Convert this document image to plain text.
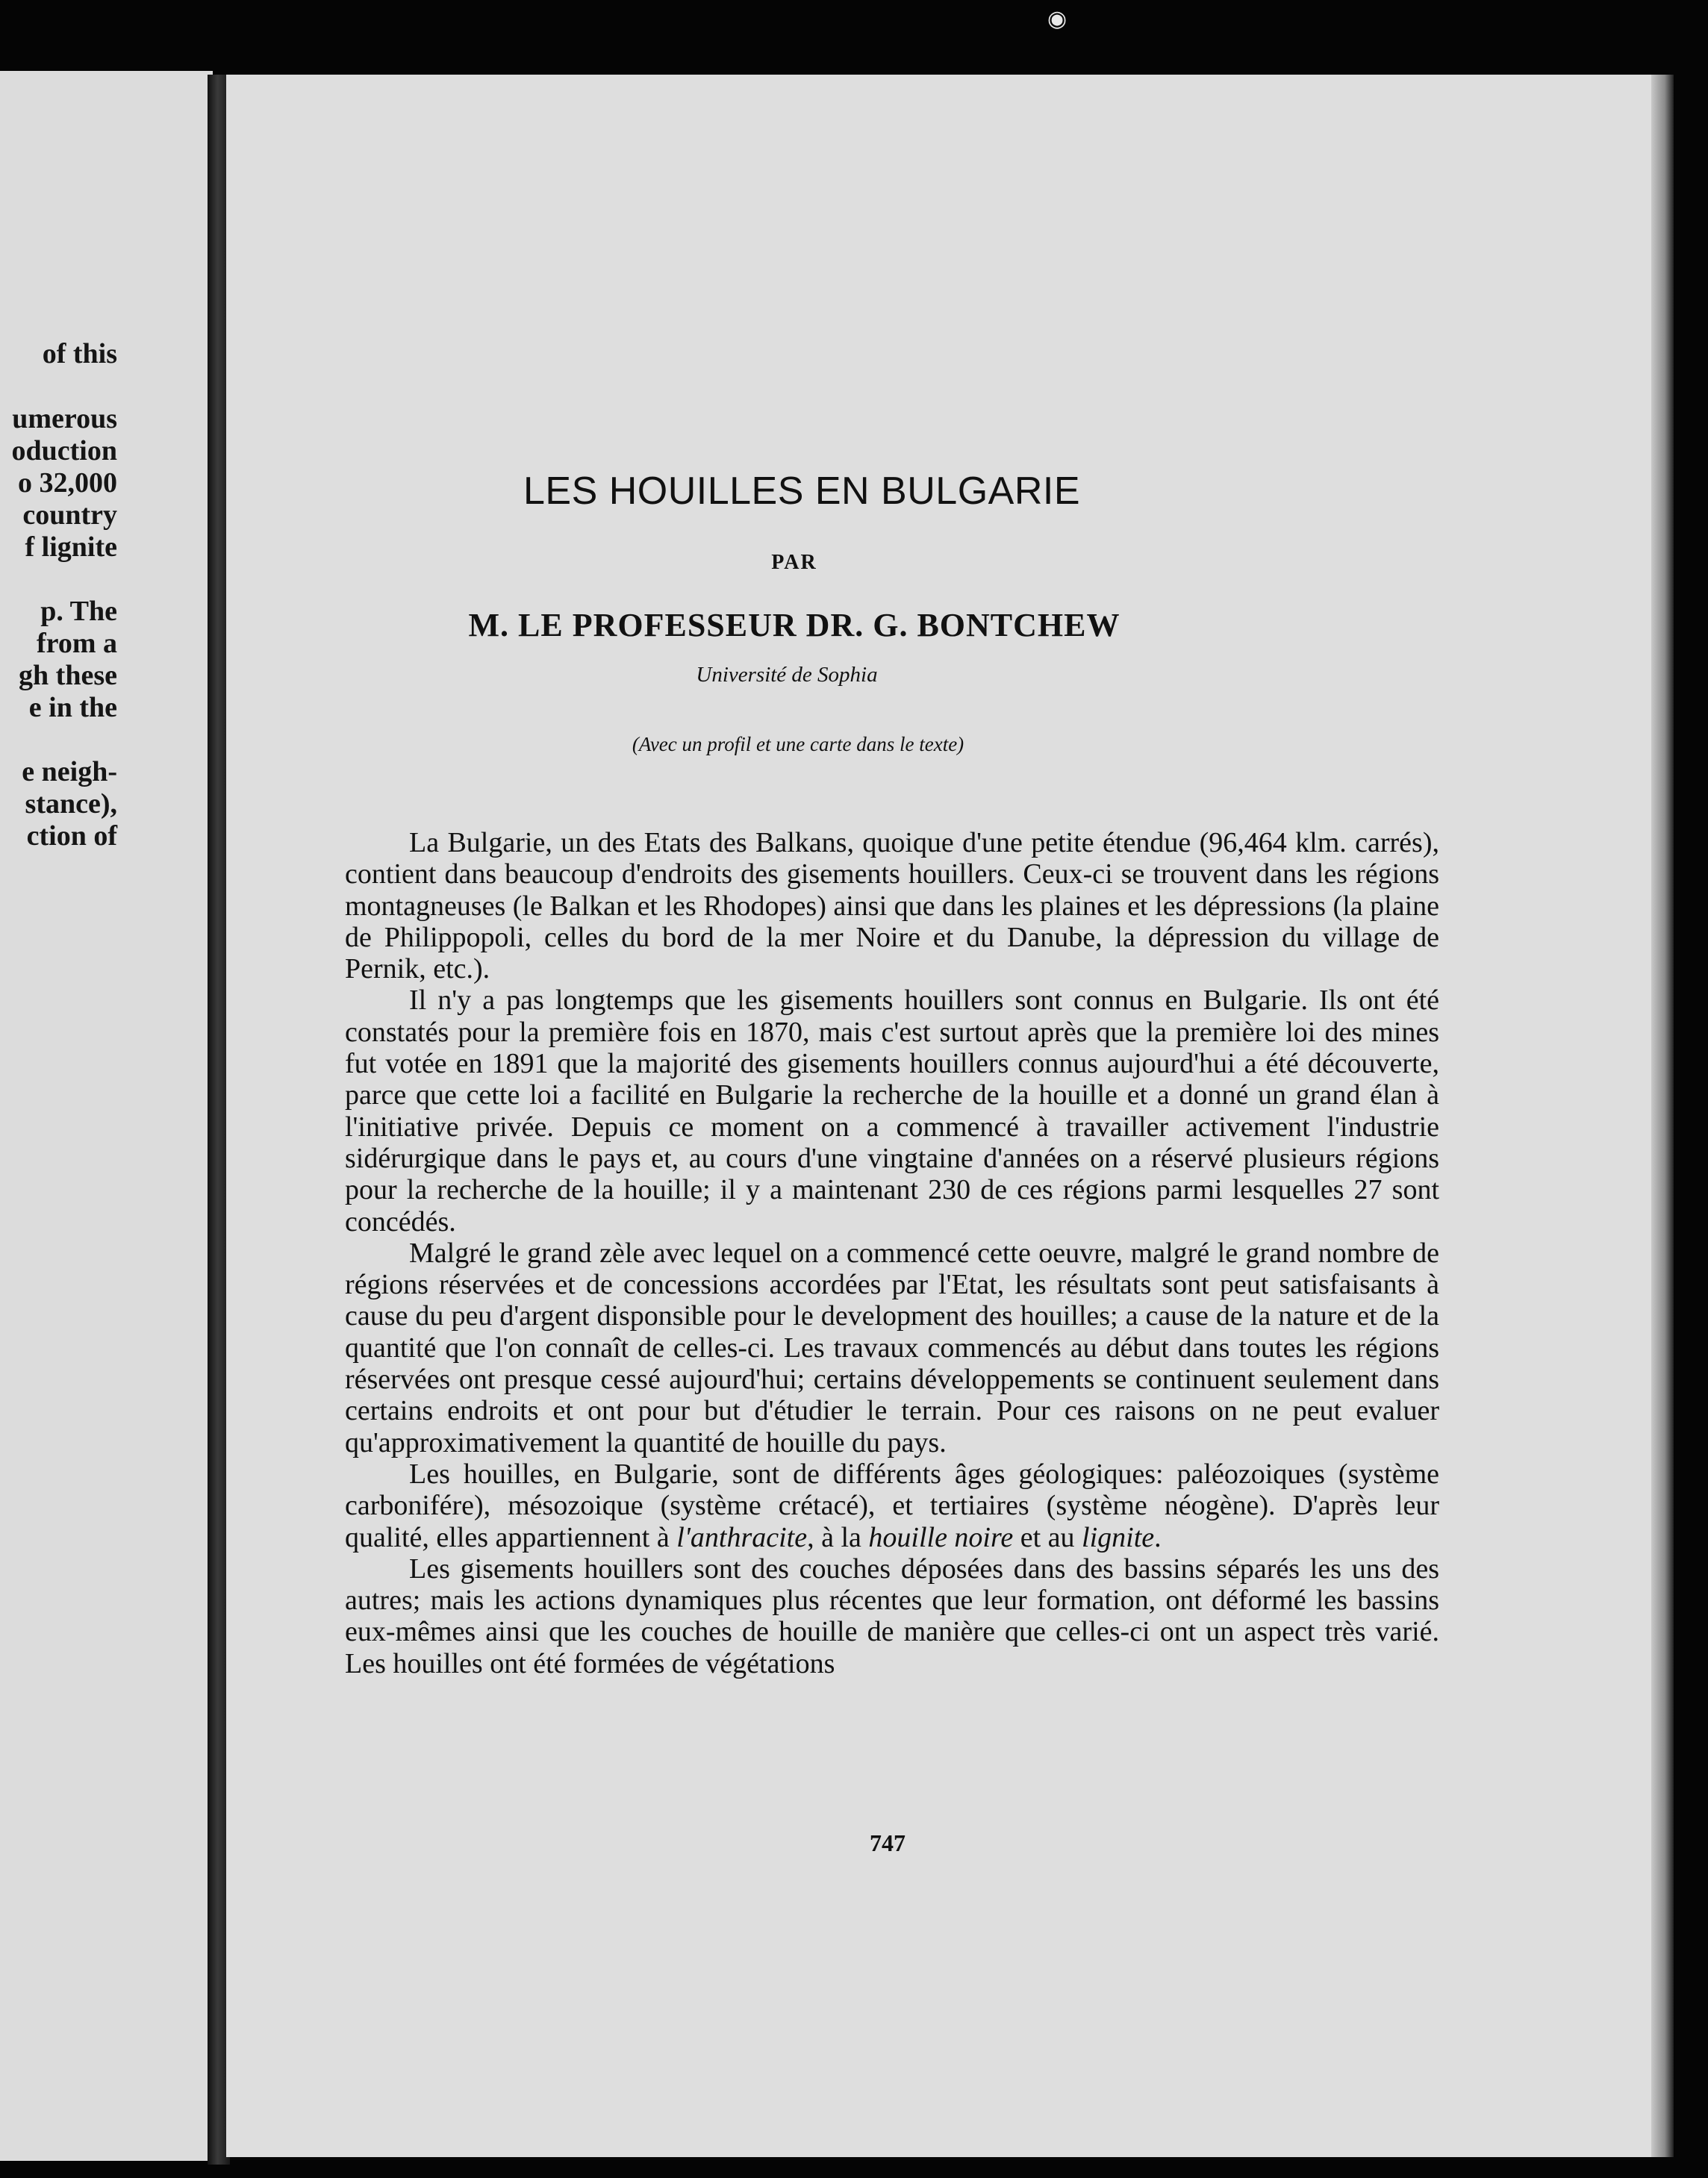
◉
of this
umerous
oduction
o 32,000
country
f lignite
p. The
from a
gh these
e in the
e neigh-
stance),
ction of
LES HOUILLES EN BULGARIE
PAR
M. LE PROFESSEUR DR. G. BONTCHEW
Université de Sophia
(Avec un profil et une carte dans le texte)

La Bulgarie, un des Etats des Balkans, quoique d'une petite étendue (96,464 klm. carrés), contient dans beaucoup d'endroits des gisements houillers. Ceux-ci se trouvent dans les régions montagneuses (le Balkan et les Rhodopes) ainsi que dans les plaines et les dépressions (la plaine de Philippopoli, celles du bord de la mer Noire et du Danube, la dépression du village de Pernik, etc.).

Il n'y a pas longtemps que les gisements houillers sont connus en Bulgarie. Ils ont été constatés pour la première fois en 1870, mais c'est surtout après que la première loi des mines fut votée en 1891 que la majorité des gisements houillers connus aujourd'hui a été découverte, parce que cette loi a facilité en Bulgarie la recherche de la houille et a donné un grand élan à l'initiative privée. Depuis ce moment on a commencé à travailler activement l'industrie sidérurgique dans le pays et, au cours d'une vingtaine d'années on a réservé plusieurs régions pour la recherche de la houille; il y a maintenant 230 de ces régions parmi lesquelles 27 sont concédés.

Malgré le grand zèle avec lequel on a commencé cette oeuvre, malgré le grand nombre de régions réservées et de concessions accordées par l'Etat, les résultats sont peut satisfaisants à cause du peu d'argent disponsible pour le development des houilles; a cause de la nature et de la quantité que l'on connaît de celles-ci. Les travaux commencés au début dans toutes les régions réservées ont presque cessé aujourd'hui; certains développements se continuent seulement dans certains endroits et ont pour but d'étudier le terrain. Pour ces raisons on ne peut evaluer qu'approximativement la quantité de houille du pays.

Les houilles, en Bulgarie, sont de différents âges géologiques: paléozoiques (système carbonifére), mésozoique (système crétacé), et tertiaires (système néogène). D'après leur qualité, elles appartiennent à l'anthracite, à la houille noire et au lignite.

Les gisements houillers sont des couches déposées dans des bassins séparés les uns des autres; mais les actions dynamiques plus récentes que leur formation, ont déformé les bassins eux-mêmes ainsi que les couches de houille de manière que celles-ci ont un aspect très varié. Les houilles ont été formées de végétations

747
